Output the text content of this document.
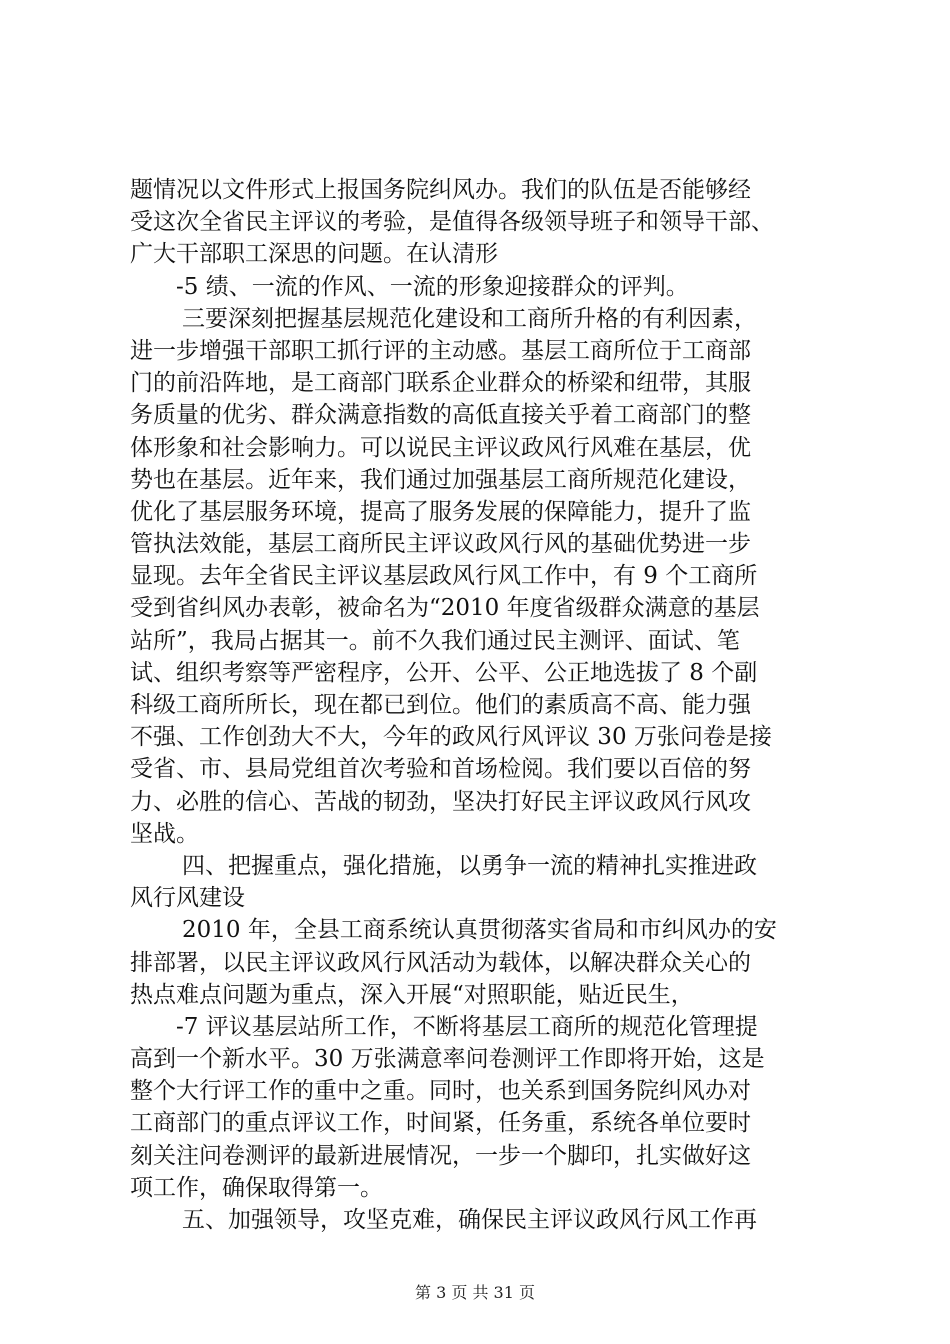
题情况以文件形式上报国务院纠风办。我们的队伍是否能够经
受这次全省民主评议的考验，是值得各级领导班子和领导干部、
广大干部职工深思的问题。在认清形
-5 绩、一流的作风、一流的形象迎接群众的评判。
三要深刻把握基层规范化建设和工商所升格的有利因素，
进一步增强干部职工抓行评的主动感。基层工商所位于工商部
门的前沿阵地，是工商部门联系企业群众的桥梁和纽带，其服
务质量的优劣、群众满意指数的高低直接关乎着工商部门的整
体形象和社会影响力。可以说民主评议政风行风难在基层，优
势也在基层。近年来，我们通过加强基层工商所规范化建设，
优化了基层服务环境，提高了服务发展的保障能力，提升了监
管执法效能，基层工商所民主评议政风行风的基础优势进一步
显现。去年全省民主评议基层政风行风工作中，有 9 个工商所
受到省纠风办表彰，被命名为“2010 年度省级群众满意的基层
站所”，我局占据其一。前不久我们通过民主测评、面试、笔
试、组织考察等严密程序，公开、公平、公正地选拔了 8 个副
科级工商所所长，现在都已到位。他们的素质高不高、能力强
不强、工作创劲大不大，今年的政风行风评议 30 万张问卷是接
受省、市、县局党组首次考验和首场检阅。我们要以百倍的努
力、必胜的信心、苦战的韧劲，坚决打好民主评议政风行风攻
坚战。
四、把握重点，强化措施，以勇争一流的精神扎实推进政
风行风建设
2010 年，全县工商系统认真贯彻落实省局和市纠风办的安
排部署，以民主评议政风行风活动为载体，以解决群众关心的
热点难点问题为重点，深入开展“对照职能，贴近民生，
-7 评议基层站所工作，不断将基层工商所的规范化管理提
高到一个新水平。30 万张满意率问卷测评工作即将开始，这是
整个大行评工作的重中之重。同时，也关系到国务院纠风办对
工商部门的重点评议工作，时间紧，任务重，系统各单位要时
刻关注问卷测评的最新进展情况，一步一个脚印，扎实做好这
项工作，确保取得第一。
五、加强领导，攻坚克难，确保民主评议政风行风工作再
第 3 页 共 31 页
